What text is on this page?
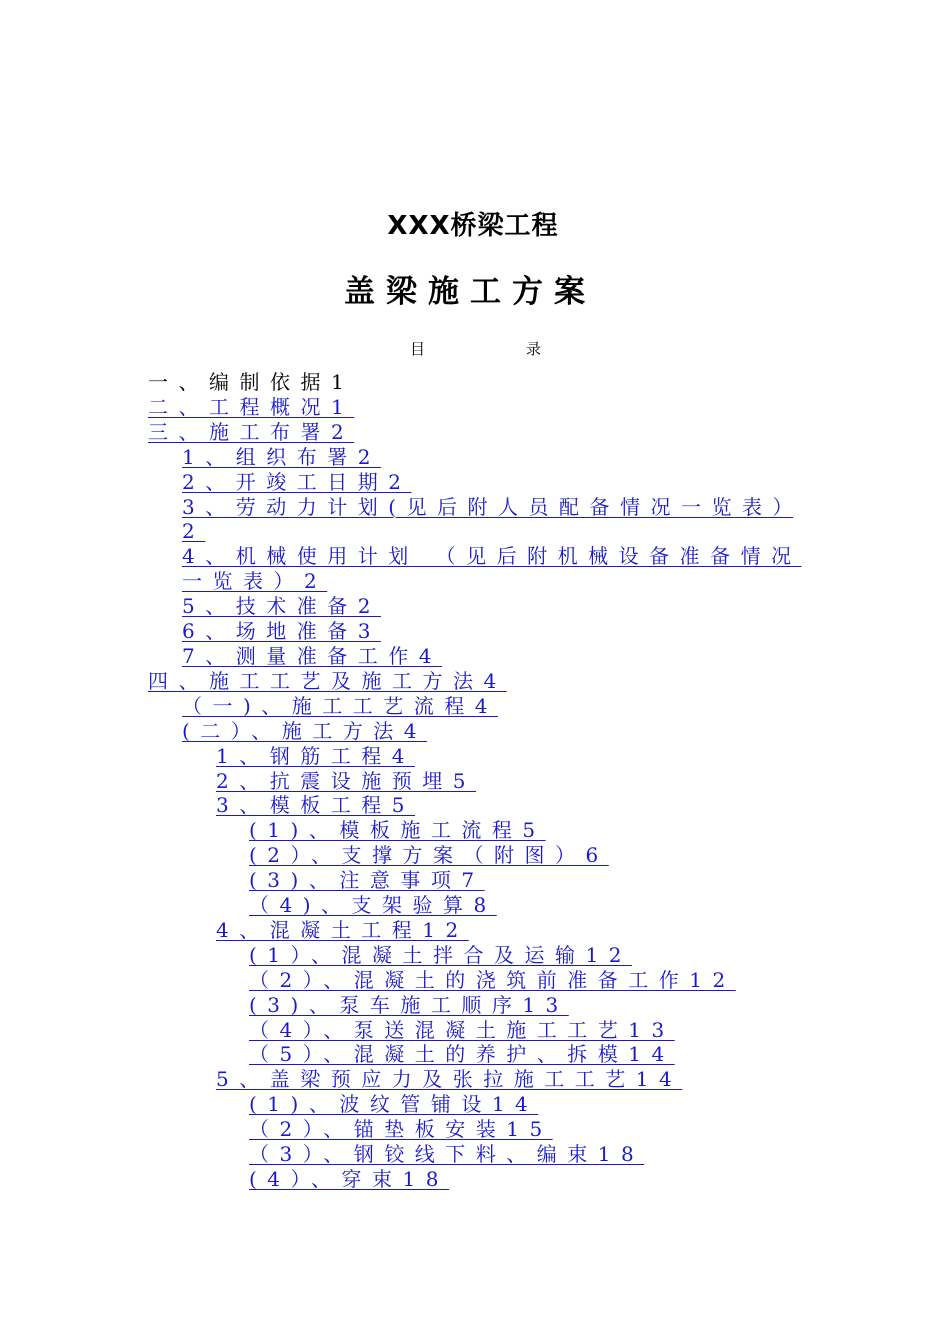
XXX桥梁工程
盖梁施工方案
目	录
一、编制依据1
二、工程概况1
三、施工布署2
1、组织布署2
2、开竣工日期2
3、劳动力计划(见后附人员配备情况一览表）2
4、机械使用计划 （见后附机械设备准备情况一览表）2
5、技术准备2
6、场地准备3
7、测量准备工作4
四、施工工艺及施工方法4
（一)、施工工艺流程4
(二）、施工方法4
1、钢筋工程4
2、抗震设施预埋5
3、模板工程5
(1)、模板施工流程5
(2）、支撑方案（附图）6
(3)、注意事项7
（4)、支架验算8
4、混凝土工程12
(1）、混凝土拌合及运输12
（2）、混凝土的浇筑前准备工作12
(3)、泵车施工顺序13
（4）、泵送混凝土施工工艺13
（5）、混凝土的养护、拆模14
5、盖梁预应力及张拉施工工艺14
(1)、波纹管铺设14
（2）、锚垫板安装15
（3）、钢铰线下料、编束18
(4）、穿束18
